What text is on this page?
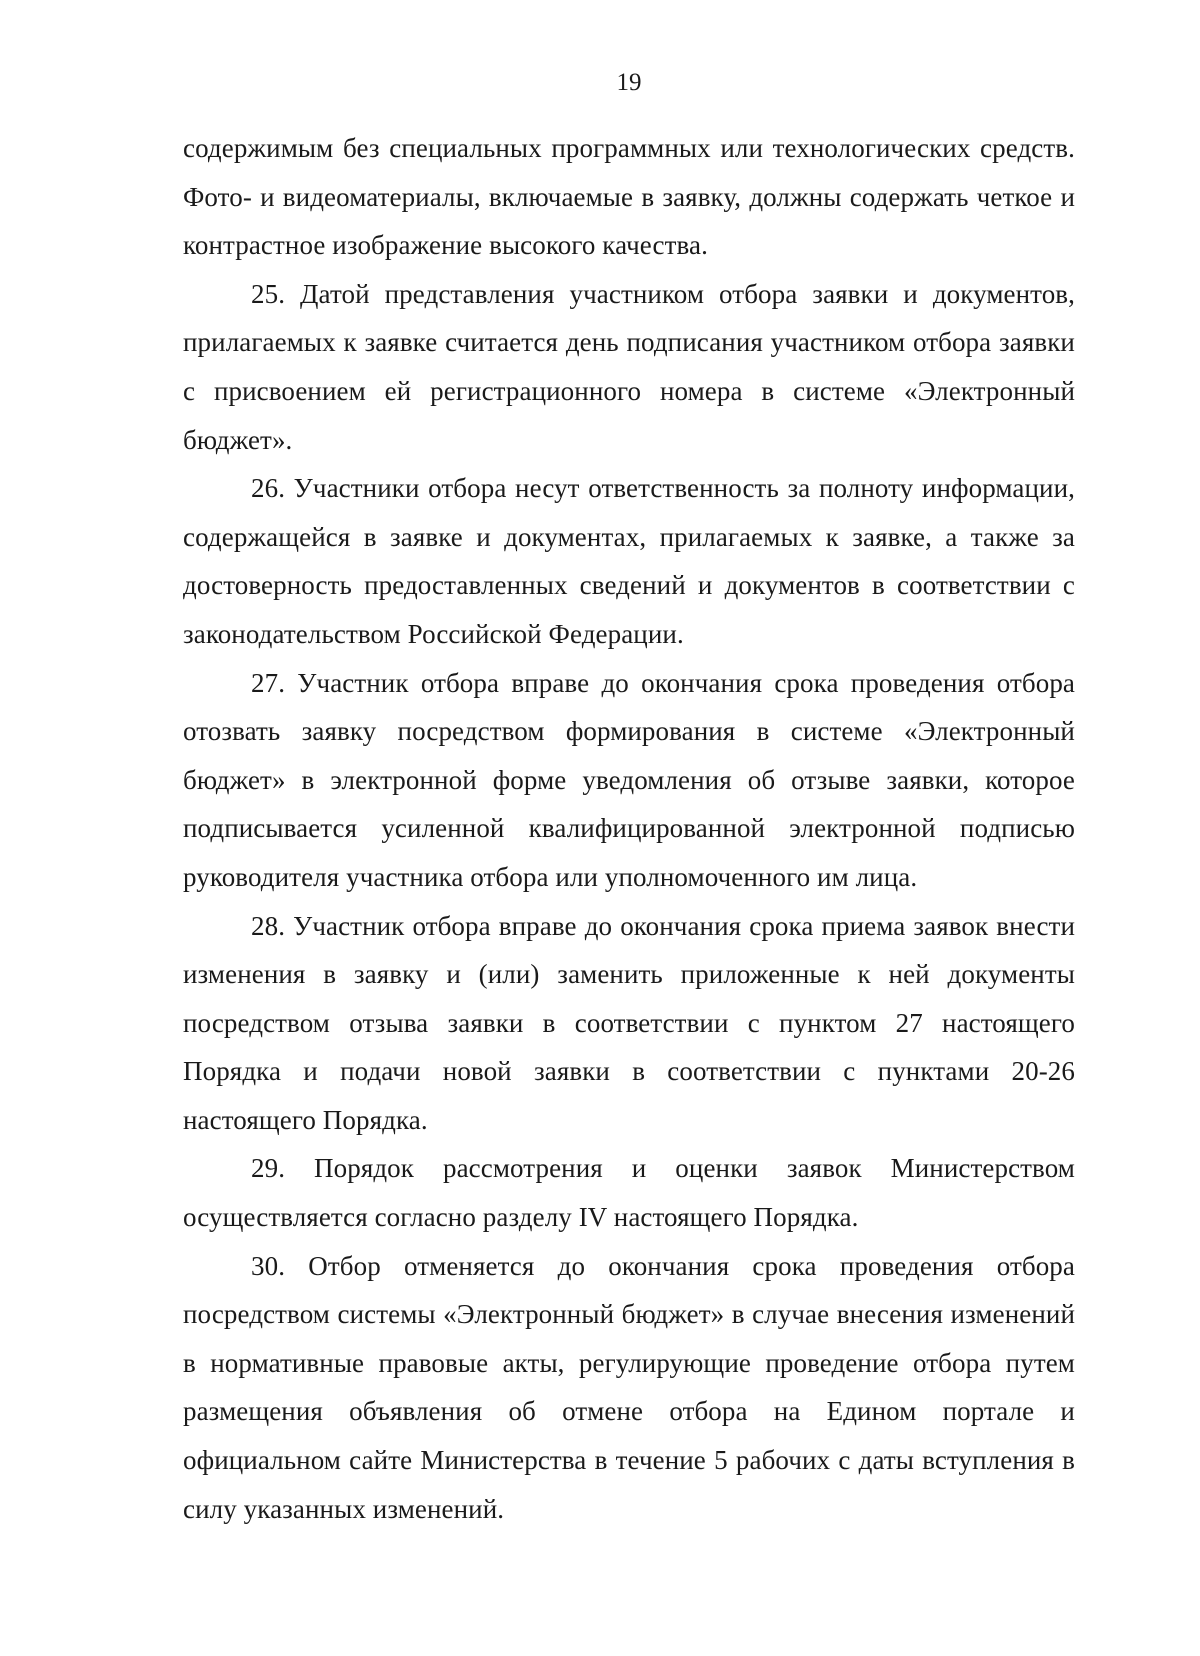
19

содержимым без специальных программных или технологических средств. Фото- и видеоматериалы, включаемые в заявку, должны содержать четкое и контрастное изображение высокого качества.

25. Датой представления участником отбора заявки и документов, прилагаемых к заявке считается день подписания участником отбора заявки с присвоением ей регистрационного номера в системе «Электронный бюджет».

26. Участники отбора несут ответственность за полноту информации, содержащейся в заявке и документах, прилагаемых к заявке, а также за достоверность предоставленных сведений и документов в соответствии с законодательством Российской Федерации.

27. Участник отбора вправе до окончания срока проведения отбора отозвать заявку посредством формирования в системе «Электронный бюджет» в электронной форме уведомления об отзыве заявки, которое подписывается усиленной квалифицированной электронной подписью руководителя участника отбора или уполномоченного им лица.

28. Участник отбора вправе до окончания срока приема заявок внести изменения в заявку и (или) заменить приложенные к ней документы посредством отзыва заявки в соответствии с пунктом 27 настоящего Порядка и подачи новой заявки в соответствии с пунктами 20-26 настоящего Порядка.

29. Порядок рассмотрения и оценки заявок Министерством осуществляется согласно разделу IV настоящего Порядка.

30. Отбор отменяется до окончания срока проведения отбора посредством системы «Электронный бюджет» в случае внесения изменений в нормативные правовые акты, регулирующие проведение отбора путем размещения объявления об отмене отбора на Едином портале и официальном сайте Министерства в течение 5 рабочих с даты вступления в силу указанных изменений.
